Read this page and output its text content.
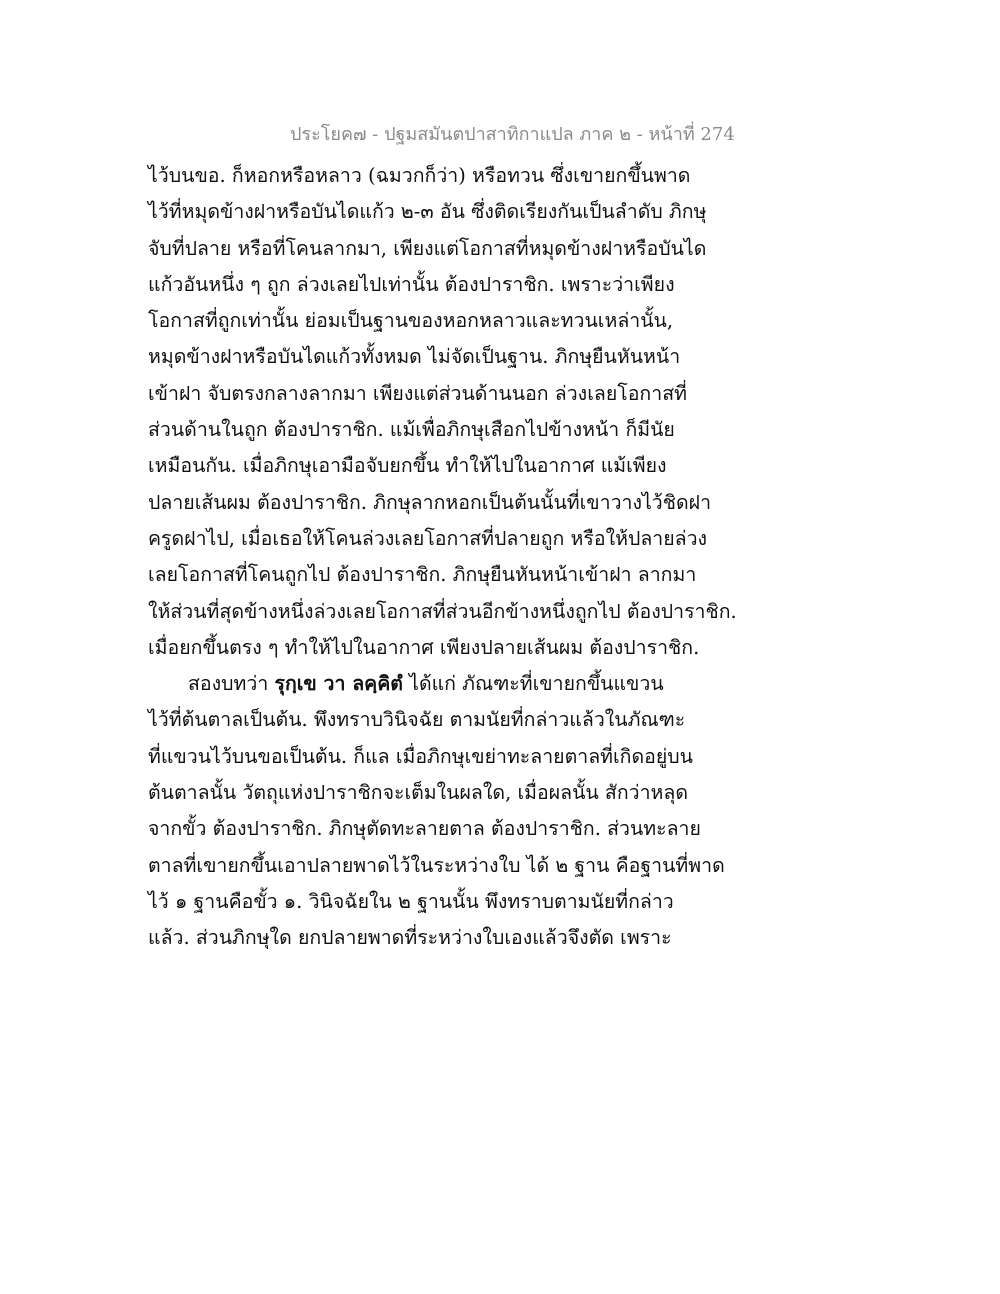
ประโยค๗ - ปฐมสมันตปาสาทิกาแปล ภาค ๒ - หน้าที่ 274
ไว้บนขอ. ก็หอกหรือหลาว (ฉมวกก็ว่า) หรือทวน ซึ่งเขายกขึ้นพาด
ไว้ที่หมุดข้างฝาหรือบันไดแก้ว ๒-๓ อัน ซึ่งติดเรียงกันเป็นลำดับ ภิกษุ
จับที่ปลาย หรือที่โคนลากมา, เพียงแต่โอกาสที่หมุดข้างฝาหรือบันได
แก้วอันหนึ่ง ๆ ถูก ล่วงเลยไปเท่านั้น ต้องปาราชิก. เพราะว่าเพียง
โอกาสที่ถูกเท่านั้น ย่อมเป็นฐานของหอกหลาวและทวนเหล่านั้น,
หมุดข้างฝาหรือบันไดแก้วทั้งหมด ไม่จัดเป็นฐาน. ภิกษุยืนหันหน้า
เข้าฝา จับตรงกลางลากมา เพียงแต่ส่วนด้านนอก ล่วงเลยโอกาสที่
ส่วนด้านในถูก ต้องปาราชิก. แม้เพื่อภิกษุเสือกไปข้างหน้า ก็มีนัย
เหมือนกัน. เมื่อภิกษุเอามือจับยกขึ้น ทำให้ไปในอากาศ แม้เพียง
ปลายเส้นผม ต้องปาราชิก. ภิกษุลากหอกเป็นต้นนั้นที่เขาวางไว้ชิดฝา
ครูดฝาไป, เมื่อเธอให้โคนล่วงเลยโอกาสที่ปลายถูก หรือให้ปลายล่วง
เลยโอกาสที่โคนถูกไป ต้องปาราชิก. ภิกษุยืนหันหน้าเข้าฝา ลากมา
ให้ส่วนที่สุดข้างหนึ่งล่วงเลยโอกาสที่ส่วนอีกข้างหนึ่งถูกไป ต้องปาราชิก.
เมื่อยกขึ้นตรง ๆ ทำให้ไปในอากาศ เพียงปลายเส้นผม ต้องปาราชิก.
สองบทว่า รุกฺเข วา ลคฺคิตํ ได้แก่ ภัณฑะที่เขายกขึ้นแขวน
ไว้ที่ต้นตาลเป็นต้น. พึงทราบวินิจฉัย ตามนัยที่กล่าวแล้วในภัณฑะ
ที่แขวนไว้บนขอเป็นต้น. ก็แล เมื่อภิกษุเขย่าทะลายตาลที่เกิดอยู่บน
ต้นตาลนั้น วัตถุแห่งปาราชิกจะเต็มในผลใด, เมื่อผลนั้น สักว่าหลุด
จากขั้ว ต้องปาราชิก. ภิกษุตัดทะลายตาล ต้องปาราชิก. ส่วนทะลาย
ตาลที่เขายกขึ้นเอาปลายพาดไว้ในระหว่างใบ ได้ ๒ ฐาน คือฐานที่พาด
ไว้ ๑ ฐานคือขั้ว ๑. วินิจฉัยใน ๒ ฐานนั้น พึงทราบตามนัยที่กล่าว
แล้ว. ส่วนภิกษุใด ยกปลายพาดที่ระหว่างใบเองแล้วจึงตัด เพราะ
